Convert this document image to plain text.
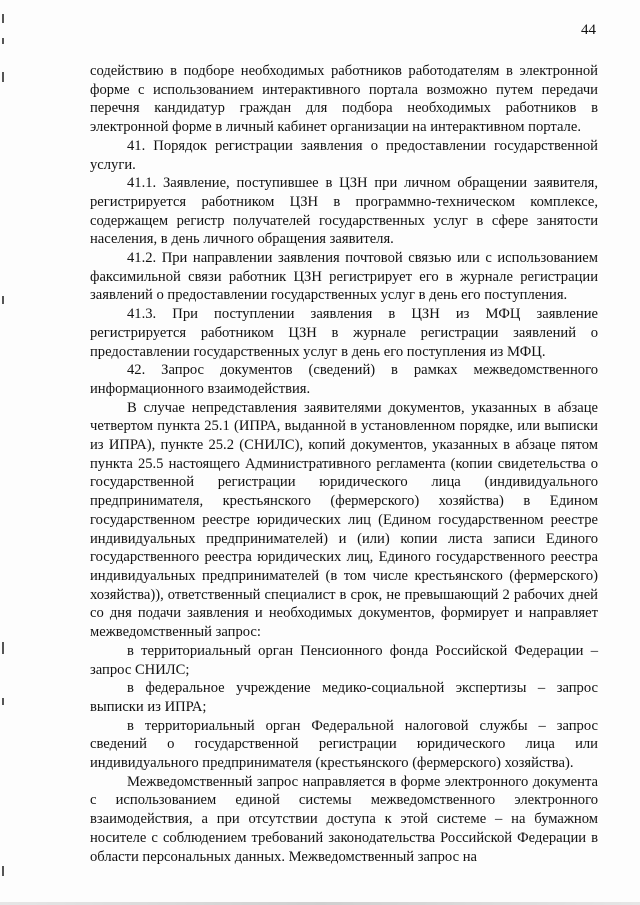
44

содействию в подборе необходимых работников работодателям в электронной форме с использованием интерактивного портала возможно путем передачи перечня кандидатур граждан для подбора необходимых работников в электронной форме в личный кабинет организации на интерактивном портале.

41. Порядок регистрации заявления о предоставлении государственной услуги.

41.1. Заявление, поступившее в ЦЗН при личном обращении заявителя, регистрируется работником ЦЗН в программно-техническом комплексе, содержащем регистр получателей государственных услуг в сфере занятости населения, в день личного обращения заявителя.

41.2. При направлении заявления почтовой связью или с использованием факсимильной связи работник ЦЗН регистрирует его в журнале регистрации заявлений о предоставлении государственных услуг в день его поступления.

41.3. При поступлении заявления в ЦЗН из МФЦ заявление регистрируется работником ЦЗН в журнале регистрации заявлений о предоставлении государственных услуг в день его поступления из МФЦ.

42. Запрос документов (сведений) в рамках межведомственного информационного взаимодействия.

В случае непредставления заявителями документов, указанных в абзаце четвертом пункта 25.1 (ИПРА, выданной в установленном порядке, или выписки из ИПРА), пункте 25.2 (СНИЛС), копий документов, указанных в абзаце пятом пункта 25.5 настоящего Административного регламента (копии свидетельства о государственной регистрации юридического лица (индивидуального предпринимателя, крестьянского (фермерского) хозяйства) в Едином государственном реестре юридических лиц (Едином государственном реестре индивидуальных предпринимателей) и (или) копии листа записи Единого государственного реестра юридических лиц, Единого государственного реестра индивидуальных предпринимателей (в том числе крестьянского (фермерского) хозяйства)), ответственный специалист в срок, не превышающий 2 рабочих дней со дня подачи заявления и необходимых документов, формирует и направляет межведомственный запрос:

в территориальный орган Пенсионного фонда Российской Федерации – запрос СНИЛС;

в федеральное учреждение медико-социальной экспертизы – запрос выписки из ИПРА;

в территориальный орган Федеральной налоговой службы – запрос сведений о государственной регистрации юридического лица или индивидуального предпринимателя (крестьянского (фермерского) хозяйства).

Межведомственный запрос направляется в форме электронного документа с использованием единой системы межведомственного электронного взаимодействия, а при отсутствии доступа к этой системе – на бумажном носителе с соблюдением требований законодательства Российской Федерации в области персональных данных. Межведомственный запрос на
